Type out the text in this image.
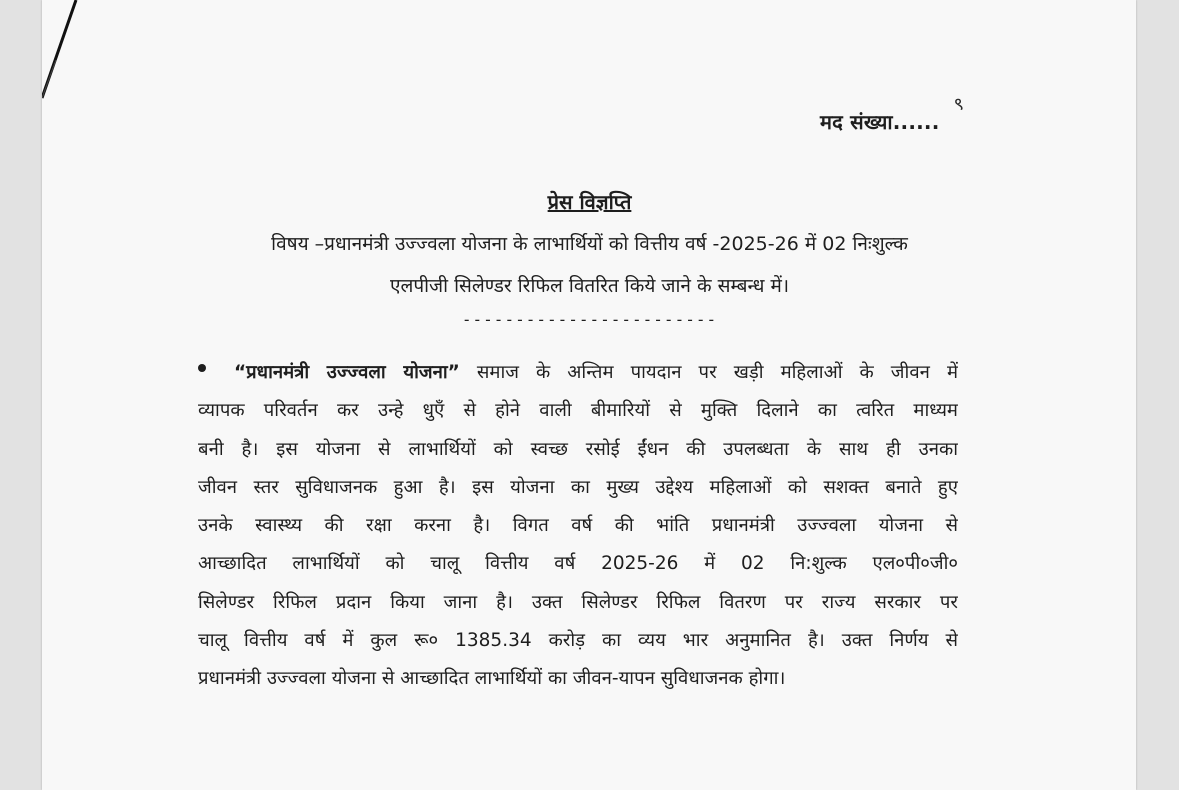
मद संख्या......
९
प्रेस विज्ञप्ति
विषय –प्रधानमंत्री उज्ज्वला योजना के लाभार्थियों को वित्तीय वर्ष -2025-26 में 02 निःशुल्क
एलपीजी सिलेण्डर रिफिल वितरित किये जाने के सम्बन्ध में।
------------------------
“प्रधानमंत्री उज्ज्वला योजना” समाज के अन्तिम पायदान पर खड़ी महिलाओं के जीवन में
व्यापक परिवर्तन कर उन्हे धुएँ से होने वाली बीमारियों से मुक्ति दिलाने का त्वरित माध्यम
बनी है। इस योजना से लाभार्थियों को स्वच्छ रसोई ईंधन की उपलब्धता के साथ ही उनका
जीवन स्तर सुविधाजनक हुआ है। इस योजना का मुख्य उद्देश्य महिलाओं को सशक्त बनाते हुए
उनके स्वास्थ्य की रक्षा करना है। विगत वर्ष की भांति प्रधानमंत्री उज्ज्वला योजना से
आच्छादित लाभार्थियों को चालू वित्तीय वर्ष 2025-26 में 02 नि:शुल्क एल०पी०जी०
सिलेण्डर रिफिल प्रदान किया जाना है। उक्त सिलेण्डर रिफिल वितरण पर राज्य सरकार पर
चालू वित्तीय वर्ष में कुल रू० 1385.34 करोड़ का व्यय भार अनुमानित है। उक्त निर्णय से
प्रधानमंत्री उज्ज्वला योजना से आच्छादित लाभार्थियों का जीवन-यापन सुविधाजनक होगा।
